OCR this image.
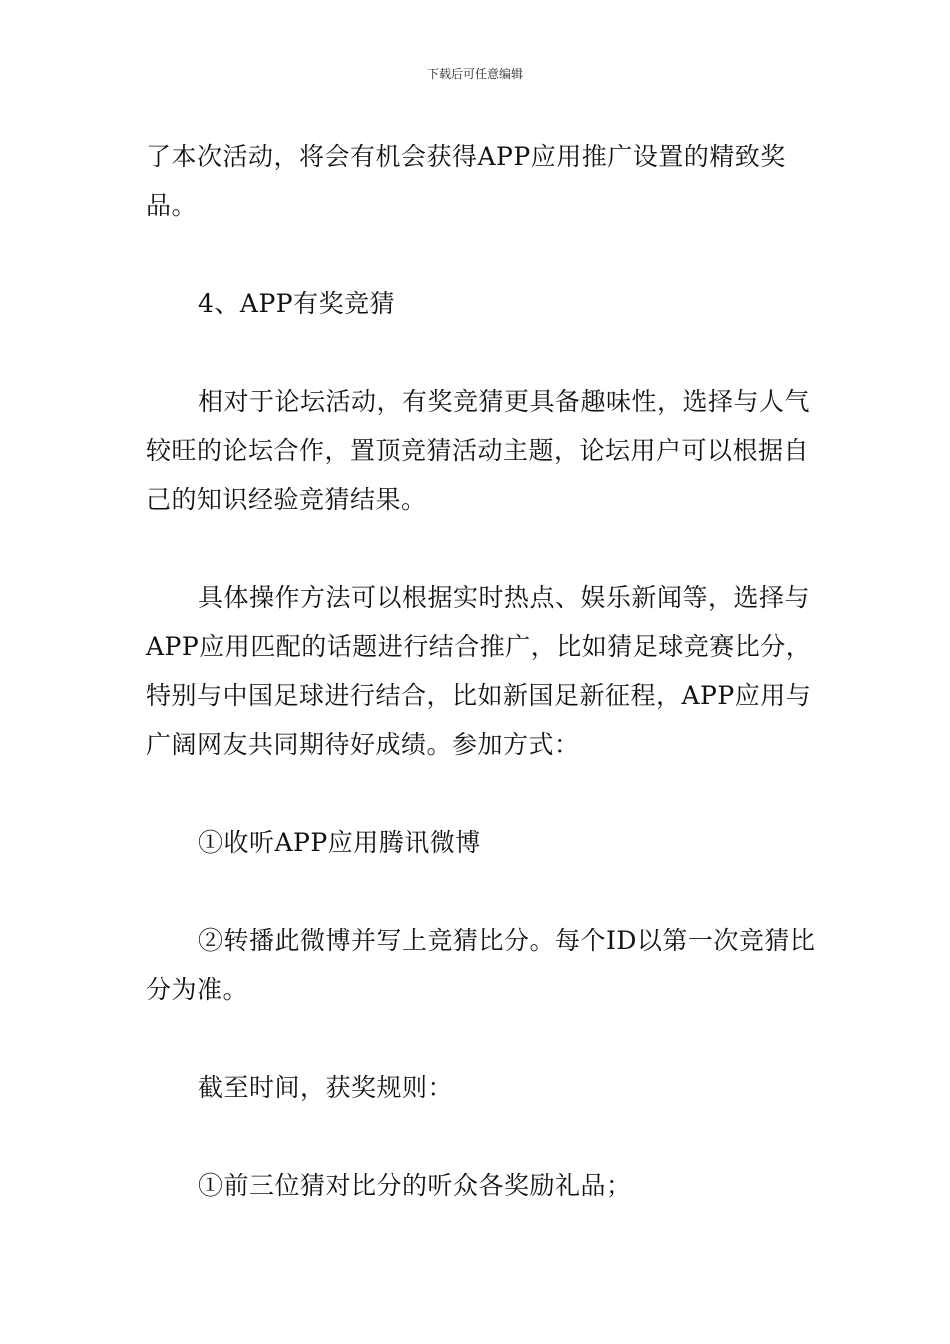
下载后可任意编辑

了本次活动，将会有机会获得APP应用推广设置的精致奖品。

4、APP有奖竞猜

相对于论坛活动，有奖竞猜更具备趣味性，选择与人气较旺的论坛合作，置顶竞猜活动主题，论坛用户可以根据自己的知识经验竞猜结果。

具体操作方法可以根据实时热点、娱乐新闻等，选择与APP应用匹配的话题进行结合推广，比如猜足球竞赛比分，特别与中国足球进行结合，比如新国足新征程，APP应用与广阔网友共同期待好成绩。参加方式：

①收听APP应用腾讯微博

②转播此微博并写上竞猜比分。每个ID以第一次竞猜比分为准。

截至时间，获奖规则：

①前三位猜对比分的听众各奖励礼品；
